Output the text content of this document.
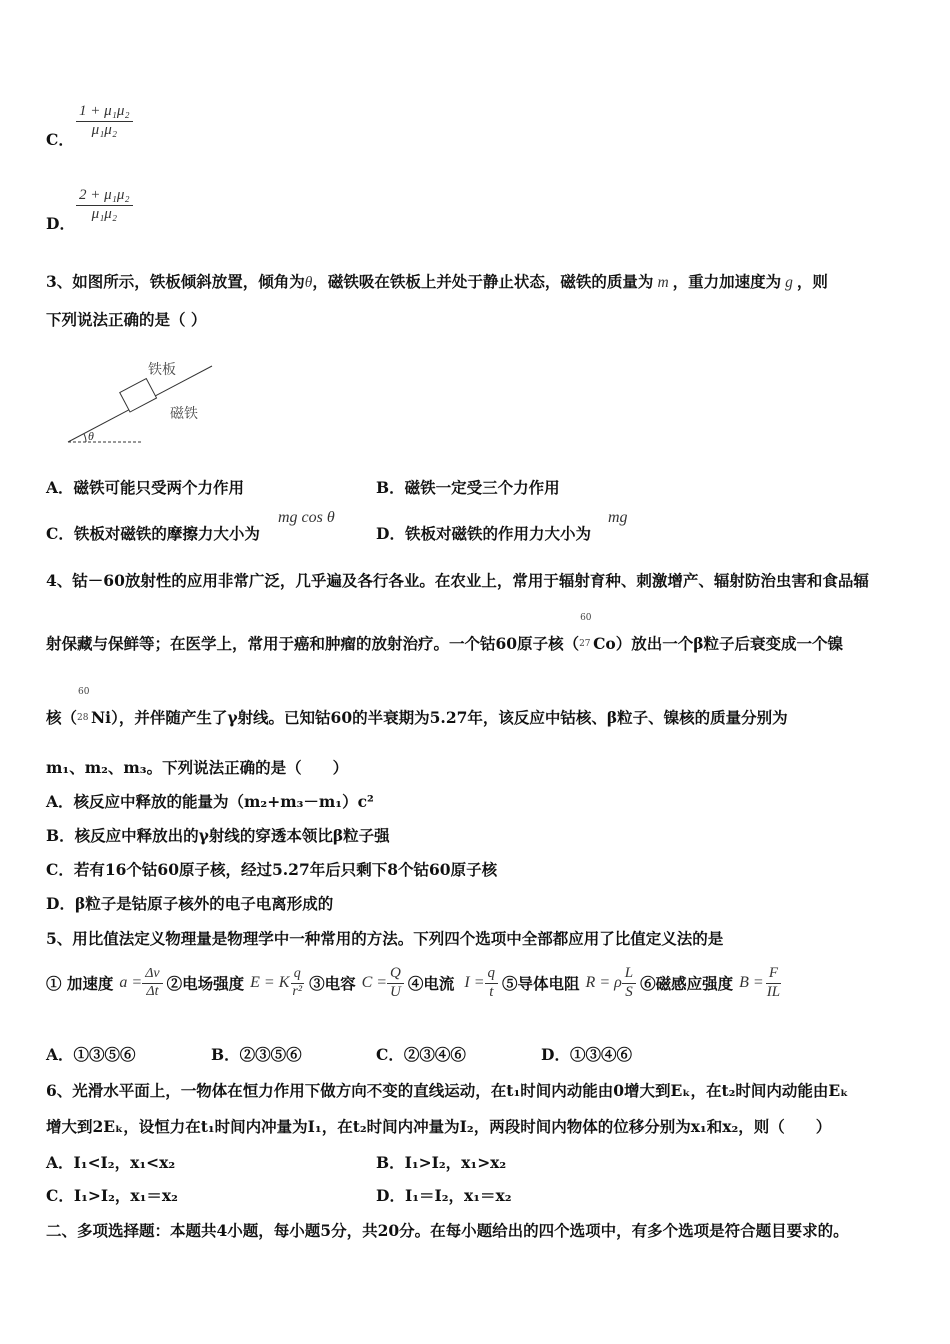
C．
$\frac{\text{1 + μ₁μ₂}}{\text{μ₁μ₂}}$
D．
$\frac{\text{2 + μ₁μ₂}}{\text{μ₁μ₂}}$
3、如图所示，铁板倾斜放置，倾角为θ，磁铁吸在铁板上并处于静止状态，磁铁的质量为 m ，重力加速度为 g ，则
下列说法正确的是（ ）
θ
铁板
磁铁
A．磁铁可能只受两个力作用	B．磁铁一定受三个力作用
C．铁板对磁铁的摩擦力大小为
mg cos θ
D．铁板对磁铁的作用力大小为
mg
4、钴－60放射性的应用非常广泛，几乎遍及各行各业。在农业上，常用于辐射育种、刺激增产、辐射防治虫害和食品辐
射保藏与保鲜等；在医学上，常用于癌和肿瘤的放射治疗。一个钴60原子核（
60
27 Co）放出一个β粒子后衰变成一个镍
核（
60
28 Ni），并伴随产生了γ射线。已知钴60的半衰期为5.27年，该反应中钴核、β粒子、镍核的质量分别为
m₁、m₂、m₃。下列说法正确的是（　　）
A．核反应中释放的能量为（m₂+m₃－m₁）c²
B．核反应中释放出的γ射线的穿透本领比β粒子强
C．若有16个钴60原子核，经过5.27年后只剩下8个钴60原子核
D．β粒子是钴原子核外的电子电离形成的
5、用比值法定义物理量是物理学中一种常用的方法。下列四个选项中全部都应用了比值定义法的是
① 加速度 $a = \frac{\Delta v}{\Delta t}$ ②电场强度 E = K $\frac{q}{\text{r²}}$ ③电容 $C = \frac{Q}{U}$ ④电流 $I = \frac{q}{t}$ ⑤导体电阻 R = ρ $\frac{L}{S}$ ⑥磁感应强度 $B = \frac{F}{IL}$
A．①③⑤⑥	B．②③⑤⑥	C．②③④⑥	D．①③④⑥
6、光滑水平面上，一物体在恒力作用下做方向不变的直线运动，在t₁时间内动能由0增大到Eₖ，在t₂时间内动能由Eₖ
增大到2Eₖ，设恒力在t₁时间内冲量为I₁，在t₂时间内冲量为I₂，两段时间内物体的位移分别为x₁和x₂，则（　　）
A．I₁<I₂，x₁<x₂	B．I₁>I₂，x₁>x₂
C．I₁>I₂，x₁＝x₂	D．I₁＝I₂，x₁＝x₂
二、多项选择题：本题共4小题，每小题5分，共20分。在每小题给出的四个选项中，有多个选项是符合题目要求的。
